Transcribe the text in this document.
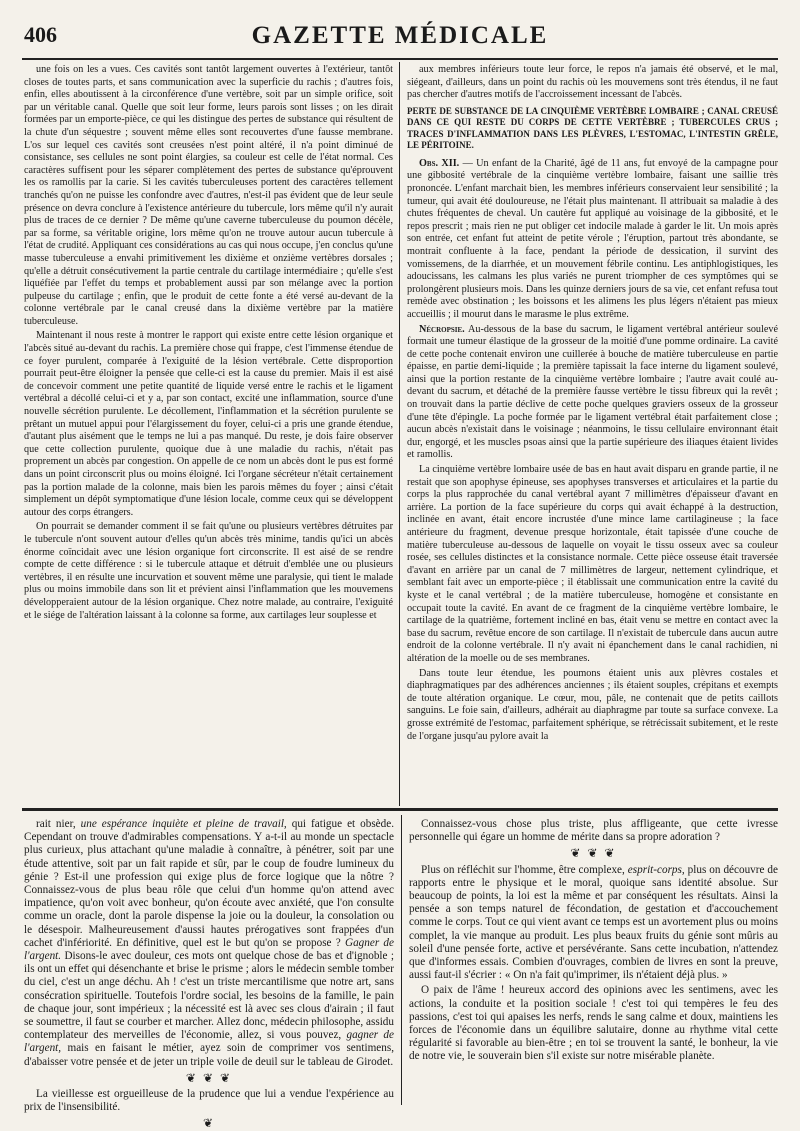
406	GAZETTE MÉDICALE

une fois on les a vues. Ces cavités sont tantôt largement ouvertes à l'extérieur, tantôt closes de toutes parts, et sans communication avec la superficie du rachis ; d'autres fois, enfin, elles aboutissent à la circonférence d'une vertèbre, soit par un simple orifice, soit par un véritable canal. Quelle que soit leur forme, leurs parois sont lisses ; on les dirait formées par un emporte-pièce, ce qui les distingue des pertes de substance qui résultent de la chute d'un séquestre ; souvent même elles sont recouvertes d'une fausse membrane. L'os sur lequel ces cavités sont creusées n'est point altéré, il n'a point diminué de consistance, ses cellules ne sont point élargies, sa couleur est celle de l'état normal. Ces caractères suffisent pour les séparer complètement des pertes de substance qu'éprouvent les os ramollis par la carie. Si les cavités tuberculeuses portent des caractères tellement tranchés qu'on ne puisse les confondre avec d'autres, n'est-il pas évident que de leur seule présence on devra conclure à l'existence antérieure du tubercule, lors même qu'il n'y aurait plus de traces de ce dernier ? De même qu'une caverne tuberculeuse du poumon décèle, par sa forme, sa véritable origine, lors même qu'on ne trouve autour aucun tubercule à l'état de crudité. Appliquant ces considérations au cas qui nous occupe, j'en conclus qu'une masse tuberculeuse a envahi primitivement les dixième et onzième vertèbres dorsales ; qu'elle a détruit consécutivement la partie centrale du cartilage intermédiaire ; qu'elle s'est liquéfiée par l'effet du temps et probablement aussi par son mélange avec la portion pulpeuse du cartilage ; enfin, que le produit de cette fonte a été versé au-devant de la colonne vertébrale par le canal creusé dans la dixième vertèbre par la matière tuberculeuse.

Maintenant il nous reste à montrer le rapport qui existe entre cette lésion organique et l'abcès situé au-devant du rachis. La première chose qui frappe, c'est l'immense étendue de ce foyer purulent, comparée à l'exiguité de la lésion vertébrale. Cette disproportion pourrait peut-être éloigner la pensée que celle-ci est la cause du premier. Mais il est aisé de concevoir comment une petite quantité de liquide versé entre le rachis et le ligament vertébral a décollé celui-ci et y a, par son contact, excité une inflammation, source d'une nouvelle sécrétion purulente. Le décollement, l'inflammation et la sécrétion purulente se prêtant un mutuel appui pour l'élargissement du foyer, celui-ci a pris une grande étendue, d'autant plus aisément que le temps ne lui a pas manqué. Du reste, je dois faire observer que cette collection purulente, quoique due à une maladie du rachis, n'était pas proprement un abcès par congestion. On appelle de ce nom un abcès dont le pus est formé dans un point circonscrit plus ou moins éloigné. Ici l'organe sécréteur n'était certainement pas la portion malade de la colonne, mais bien les parois mêmes du foyer ; ainsi c'était simplement un dépôt symptomatique d'une lésion locale, comme ceux qui se développent autour des corps étrangers.

On pourrait se demander comment il se fait qu'une ou plusieurs vertèbres détruites par le tubercule n'ont souvent autour d'elles qu'un abcès très minime, tandis qu'ici un abcès énorme coïncidait avec une lésion organique fort circonscrite. Il est aisé de se rendre compte de cette différence : si le tubercule attaque et détruit d'emblée une ou plusieurs vertèbres, il en résulte une incurvation et souvent même une paralysie, qui tient le malade plus ou moins immobile dans son lit et prévient ainsi l'inflammation que les mouvemens développeraient autour de la lésion organique. Chez notre malade, au contraire, l'exiguité et le siége de l'altération laissant à la colonne sa forme, aux cartilages leur souplesse et

aux membres inférieurs toute leur force, le repos n'a jamais été observé, et le mal, siégeant, d'ailleurs, dans un point du rachis où les mouvemens sont très étendus, il ne faut pas chercher d'autres motifs de l'accroissement incessant de l'abcès.

PERTE DE SUBSTANCE DE LA CINQUIÈME VERTÈBRE LOMBAIRE ; CANAL CREUSÉ DANS CE QUI RESTE DU CORPS DE CETTE VERTÈBRE ; TUBERCULES CRUS ; TRACES D'INFLAMMATION DANS LES PLÈVRES, L'ESTOMAC, L'INTESTIN GRÊLE, LE PÉRITOINE.

Obs. XII. — Un enfant de la Charité, âgé de 11 ans, fut envoyé de la campagne pour une gibbosité vertébrale de la cinquième vertèbre lombaire, faisant une saillie très prononcée. L'enfant marchait bien, les membres inférieurs conservaient leur sensibilité ; la tumeur, qui avait été douloureuse, ne l'était plus maintenant. Il attribuait sa maladie à des chutes fréquentes de cheval. Un cautère fut appliqué au voisinage de la gibbosité, et le repos prescrit ; mais rien ne put obliger cet indocile malade à garder le lit. Un mois après son entrée, cet enfant fut atteint de petite vérole ; l'éruption, partout très abondante, se montrait confluente à la face, pendant la période de dessication, il survint des vomissemens, de la diarrhée, et un mouvement fébrile continu. Les antiphlogistiques, les adoucissans, les calmans les plus variés ne purent triompher de ces symptômes qui se prolongèrent plusieurs mois. Dans les quinze derniers jours de sa vie, cet enfant refusa tout remède avec obstination ; les boissons et les alimens les plus légers n'étaient pas mieux accueillis ; il mourut dans le marasme le plus extrême.

Nécropsie. Au-dessous de la base du sacrum, le ligament vertébral antérieur soulevé formait une tumeur élastique de la grosseur de la moitié d'une pomme ordinaire. La cavité de cette poche contenait environ une cuillerée à bouche de matière tuberculeuse en partie épaisse, en partie demi-liquide ; la première tapissait la face interne du ligament soulevé, ainsi que la portion restante de la cinquième vertèbre lombaire ; l'autre avait coulé au-devant du sacrum, et détaché de la première fausse vertèbre le tissu fibreux qui la revêt ; on trouvait dans la partie déclive de cette poche quelques graviers osseux de la grosseur d'une tête d'épingle. La poche formée par le ligament vertébral était parfaitement close ; aucun abcès n'existait dans le voisinage ; néanmoins, le tissu cellulaire environnant était dur, engorgé, et les muscles psoas ainsi que la partie supérieure des iliaques étaient livides et ramollis.

La cinquième vertèbre lombaire usée de bas en haut avait disparu en grande partie, il ne restait que son apophyse épineuse, ses apophyses transverses et articulaires et la partie du corps la plus rapprochée du canal vertébral ayant 7 millimètres d'épaisseur d'avant en arrière. La portion de la face supérieure du corps qui avait échappé à la destruction, inclinée en avant, était encore incrustée d'une mince lame cartilagineuse ; la face antérieure du fragment, devenue presque horizontale, était tapissée d'une couche de matière tuberculeuse au-dessous de laquelle on voyait le tissu osseux avec sa couleur rosée, ses cellules distinctes et la consistance normale. Cette pièce osseuse était traversée d'avant en arrière par un canal de 7 millimètres de largeur, nettement cylindrique, et semblant fait avec un emporte-pièce ; il établissait une communication entre la cavité du kyste et le canal vertébral ; de la matière tuberculeuse, homogène et consistante en occupait toute la cavité. En avant de ce fragment de la cinquième vertèbre lombaire, le cartilage de la quatrième, fortement incliné en bas, était venu se mettre en contact avec la base du sacrum, revêtue encore de son cartilage. Il n'existait de tubercule dans aucun autre endroit de la colonne vertébrale. Il n'y avait ni épanchement dans le canal rachidien, ni altération de la moelle ou de ses membranes.

Dans toute leur étendue, les poumons étaient unis aux plèvres costales et diaphragmatiques par des adhérences anciennes ; ils étaient souples, crépitans et exempts de toute altération organique. Le cœur, mou, pâle, ne contenait que de petits caillots sanguins. Le foie sain, d'ailleurs, adhérait au diaphragme par toute sa surface convexe. La grosse extrémité de l'estomac, parfaitement sphérique, se rétrécissait subitement, et le reste de l'organe jusqu'au pylore avait la

rait nier, une espérance inquiète et pleine de travail, qui fatigue et obsède. Cependant on trouve d'admirables compensations. Y a-t-il au monde un spectacle plus curieux, plus attachant qu'une maladie à connaître, à pénétrer, soit par une étude attentive, soit par un fait rapide et sûr, par le coup de foudre lumineux du génie ? Est-il une profession qui exige plus de force logique que la nôtre ? Connaissez-vous de plus beau rôle que celui d'un homme qu'on attend avec impatience, qu'on voit avec bonheur, qu'on écoute avec anxiété, que l'on consulte comme un oracle, dont la parole dispense la joie ou la douleur, la consolation ou le désespoir. Malheureusement d'aussi hautes prérogatives sont frappées d'un cachet d'infériorité. En définitive, quel est le but qu'on se propose ? Gagner de l'argent. Disons-le avec douleur, ces mots ont quelque chose de bas et d'ignoble ; ils ont un effet qui désenchante et brise le prisme ; alors le médecin semble tomber du ciel, c'est un ange déchu. Ah ! c'est un triste mercantilisme que notre art, sans consécration spirituelle. Toutefois l'ordre social, les besoins de la famille, le pain de chaque jour, sont impérieux ; la nécessité est là avec ses clous d'airain ; il faut se soumettre, il faut se courber et marcher. Allez donc, médecin philosophe, assidu contemplateur des merveilles de l'économie, allez, si vous pouvez, gagner de l'argent, mais en faisant le métier, ayez soin de comprimer vos sentimens, d'abaisser votre pensée et de jeter un triple voile de deuil sur le tableau de Girodet.

❦ ❦ ❦

La vieillesse est orgueilleuse de la prudence que lui a vendue l'expérience au prix de l'insensibilité.

❦

Connaissez-vous chose plus triste, plus affligeante, que cette ivresse personnelle qui égare un homme de mérite dans sa propre adoration ?

❦ ❦ ❦

Plus on réfléchit sur l'homme, être complexe, esprit-corps, plus on découvre de rapports entre le physique et le moral, quoique sans identité absolue. Sur beaucoup de points, la loi est la même et par conséquent les résultats. Ainsi la pensée a son temps naturel de fécondation, de gestation et d'accouchement comme le corps. Tout ce qui vient avant ce temps est un avortement plus ou moins complet, la vie manque au produit. Les plus beaux fruits du génie sont mûris au soleil d'une pensée forte, active et persévérante. Sans cette incubation, n'attendez que d'informes essais. Combien d'ouvrages, combien de livres en sont la preuve, aussi faut-il s'écrier : « On n'a fait qu'imprimer, ils n'étaient déjà plus. »

O paix de l'âme ! heureux accord des opinions avec les sentimens, avec les actions, la conduite et la position sociale ! c'est toi qui tempères le feu des passions, c'est toi qui apaises les nerfs, rends le sang calme et doux, maintiens les forces de l'économie dans un équilibre salutaire, donne au rhythme vital cette régularité si favorable au bien-être ; en toi se trouvent la santé, le bonheur, la vie de notre vie, le souverain bien s'il existe sur notre misérable planète.
